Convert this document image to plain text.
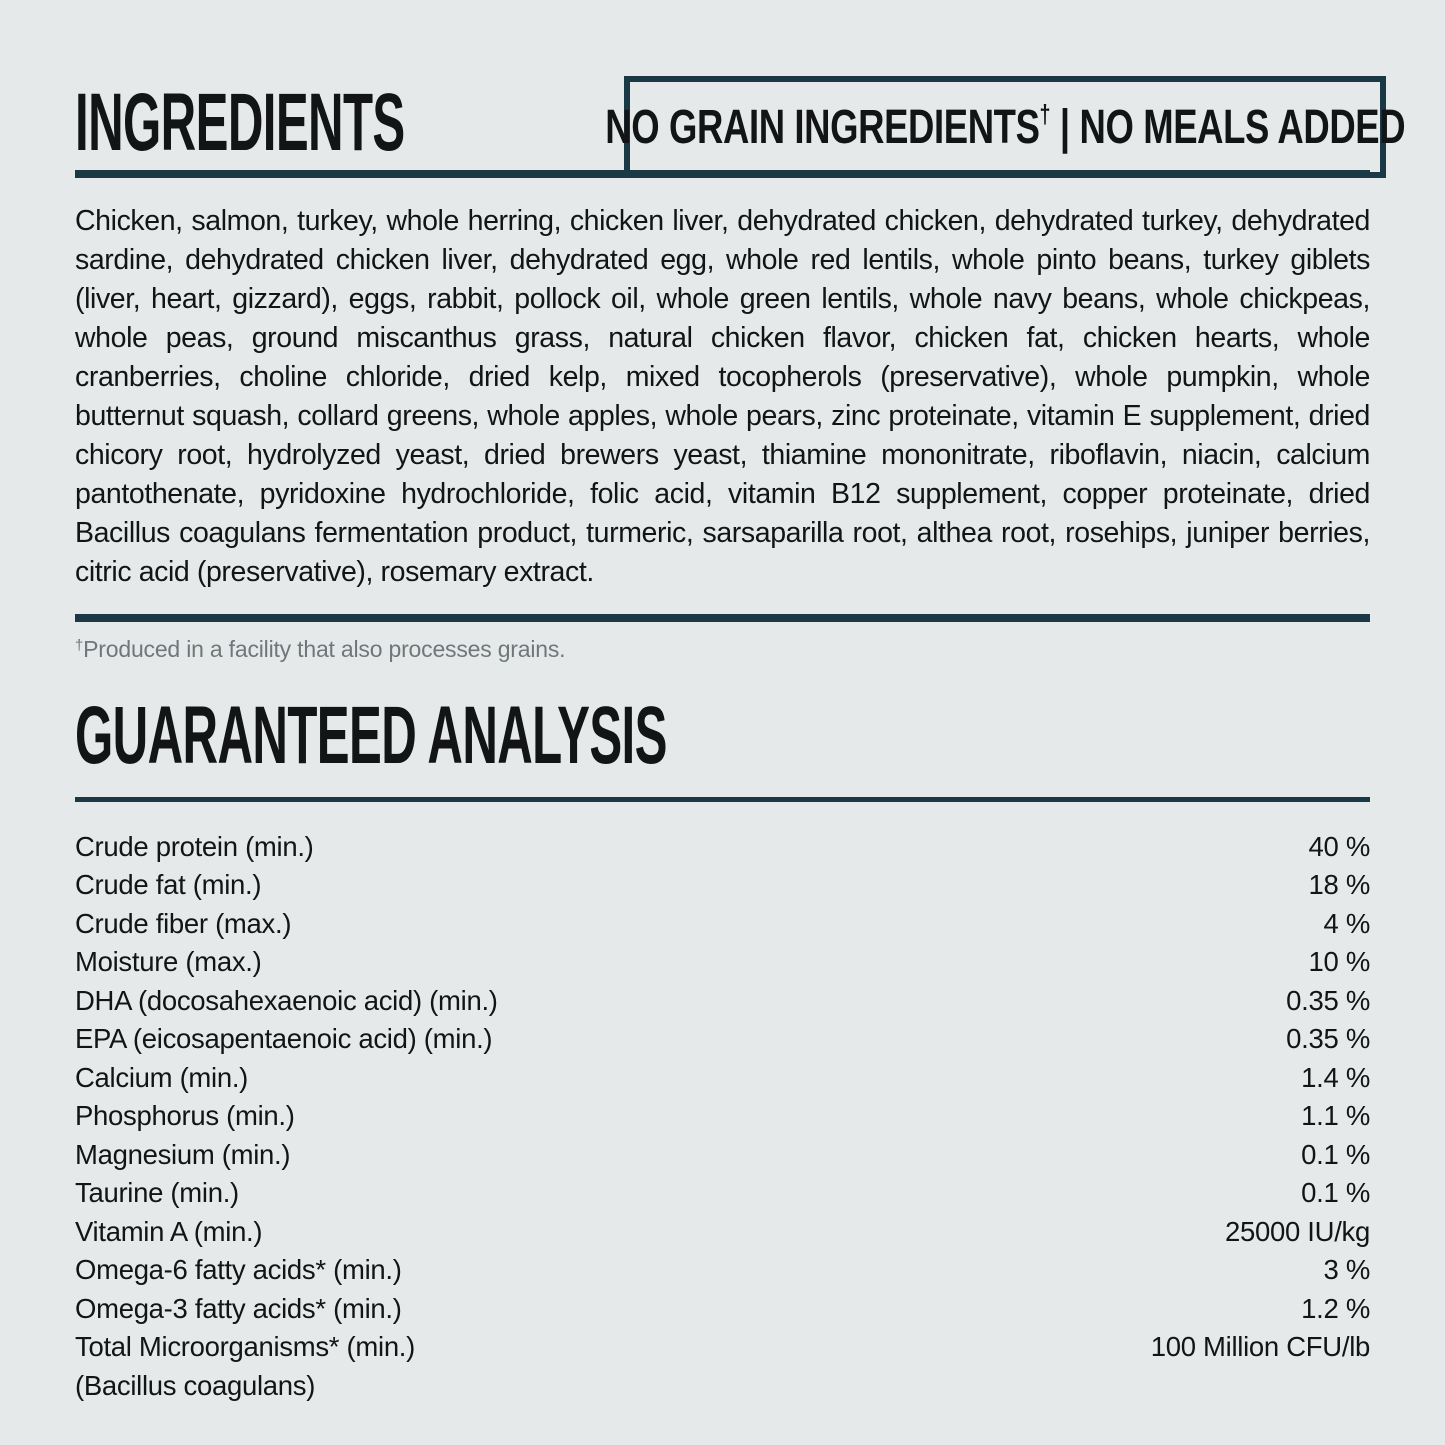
INGREDIENTS	NO GRAIN INGREDIENTS† | NO MEALS ADDED

Chicken, salmon, turkey, whole herring, chicken liver, dehydrated chicken, dehydrated turkey, dehydrated sardine, dehydrated chicken liver, dehydrated egg, whole red lentils, whole pinto beans, turkey giblets (liver, heart, gizzard), eggs, rabbit, pollock oil, whole green lentils, whole navy beans, whole chickpeas, whole peas, ground miscanthus grass, natural chicken flavor, chicken fat, chicken hearts, whole cranberries, choline chloride, dried kelp, mixed tocopherols (preservative), whole pumpkin, whole butternut squash, collard greens, whole apples, whole pears, zinc proteinate, vitamin E supplement, dried chicory root, hydrolyzed yeast, dried brewers yeast, thiamine mononitrate, riboflavin, niacin, calcium pantothenate, pyridoxine hydrochloride, folic acid, vitamin B12 supplement, copper proteinate, dried Bacillus coagulans fermentation product, turmeric, sarsaparilla root, althea root, rosehips, juniper berries, citric acid (preservative), rosemary extract.

†Produced in a facility that also processes grains.

GUARANTEED ANALYSIS
Crude protein (min.)	40 %
Crude fat (min.)	18 %
Crude fiber (max.)	4 %
Moisture (max.)	10 %
DHA (docosahexaenoic acid) (min.)	0.35 %
EPA (eicosapentaenoic acid) (min.)	0.35 %
Calcium (min.)	1.4 %
Phosphorus (min.)	1.1 %
Magnesium (min.)	0.1 %
Taurine (min.)	0.1 %
Vitamin A (min.)	25000 IU/kg
Omega-6 fatty acids* (min.)	3 %
Omega-3 fatty acids* (min.)	1.2 %
Total Microorganisms* (min.)	100 Million CFU/lb
(Bacillus coagulans)
